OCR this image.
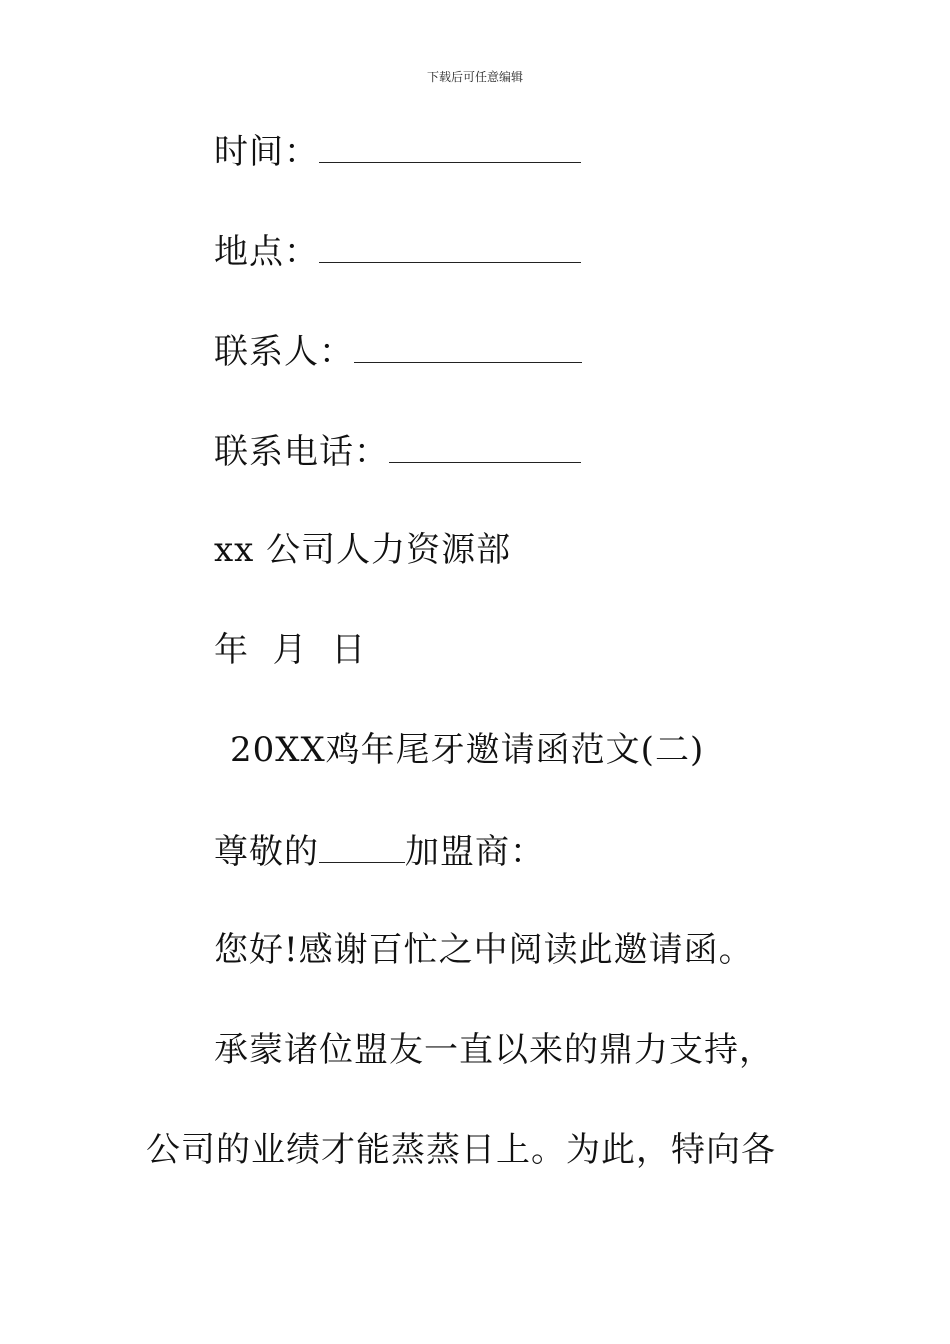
下载后可任意编辑
时间：
地点：
联系人：
联系电话：
xx 公司人力资源部
年  月  日
20XX鸡年尾牙邀请函范文(二)
尊敬的	加盟商：
您好!感谢百忙之中阅读此邀请函。
承蒙诸位盟友一直以来的鼎力支持，
公司的业绩才能蒸蒸日上。为此，特向各
